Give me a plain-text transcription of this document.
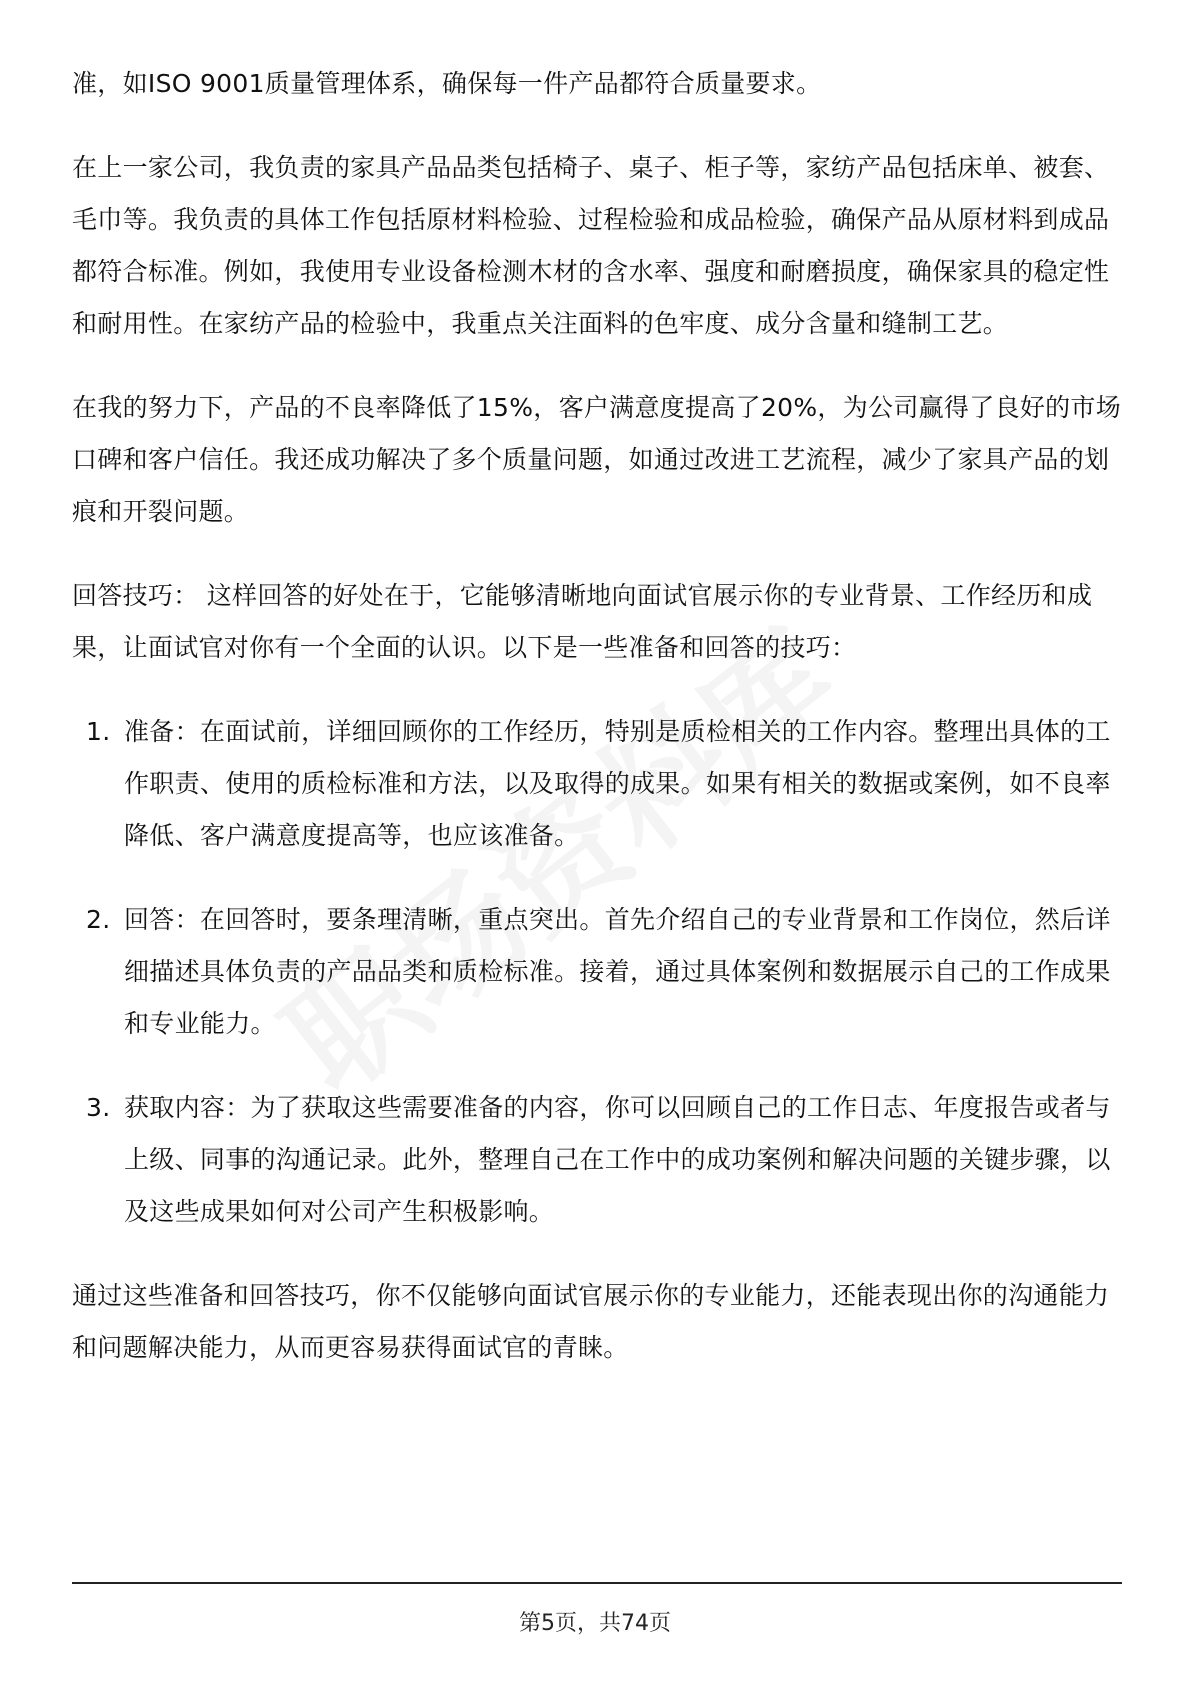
准，如ISO 9001质量管理体系，确保每一件产品都符合质量要求。

在上一家公司，我负责的家具产品品类包括椅子、桌子、柜子等，家纺产品包括床单、被套、毛巾等。我负责的具体工作包括原材料检验、过程检验和成品检验，确保产品从原材料到成品都符合标准。例如，我使用专业设备检测木材的含水率、强度和耐磨损度，确保家具的稳定性和耐用性。在家纺产品的检验中，我重点关注面料的色牢度、成分含量和缝制工艺。

在我的努力下，产品的不良率降低了15%，客户满意度提高了20%，为公司赢得了良好的市场口碑和客户信任。我还成功解决了多个质量问题，如通过改进工艺流程，减少了家具产品的划痕和开裂问题。

回答技巧： 这样回答的好处在于，它能够清晰地向面试官展示你的专业背景、工作经历和成果，让面试官对你有一个全面的认识。以下是一些准备和回答的技巧：

1. 准备：在面试前，详细回顾你的工作经历，特别是质检相关的工作内容。整理出具体的工作职责、使用的质检标准和方法，以及取得的成果。如果有相关的数据或案例，如不良率降低、客户满意度提高等，也应该准备。
2. 回答：在回答时，要条理清晰，重点突出。首先介绍自己的专业背景和工作岗位，然后详细描述具体负责的产品品类和质检标准。接着，通过具体案例和数据展示自己的工作成果和专业能力。
3. 获取内容：为了获取这些需要准备的内容，你可以回顾自己的工作日志、年度报告或者与上级、同事的沟通记录。此外，整理自己在工作中的成功案例和解决问题的关键步骤，以及这些成果如何对公司产生积极影响。

通过这些准备和回答技巧，你不仅能够向面试官展示你的专业能力，还能表现出你的沟通能力和问题解决能力，从而更容易获得面试官的青睐。

第5页，共74页
